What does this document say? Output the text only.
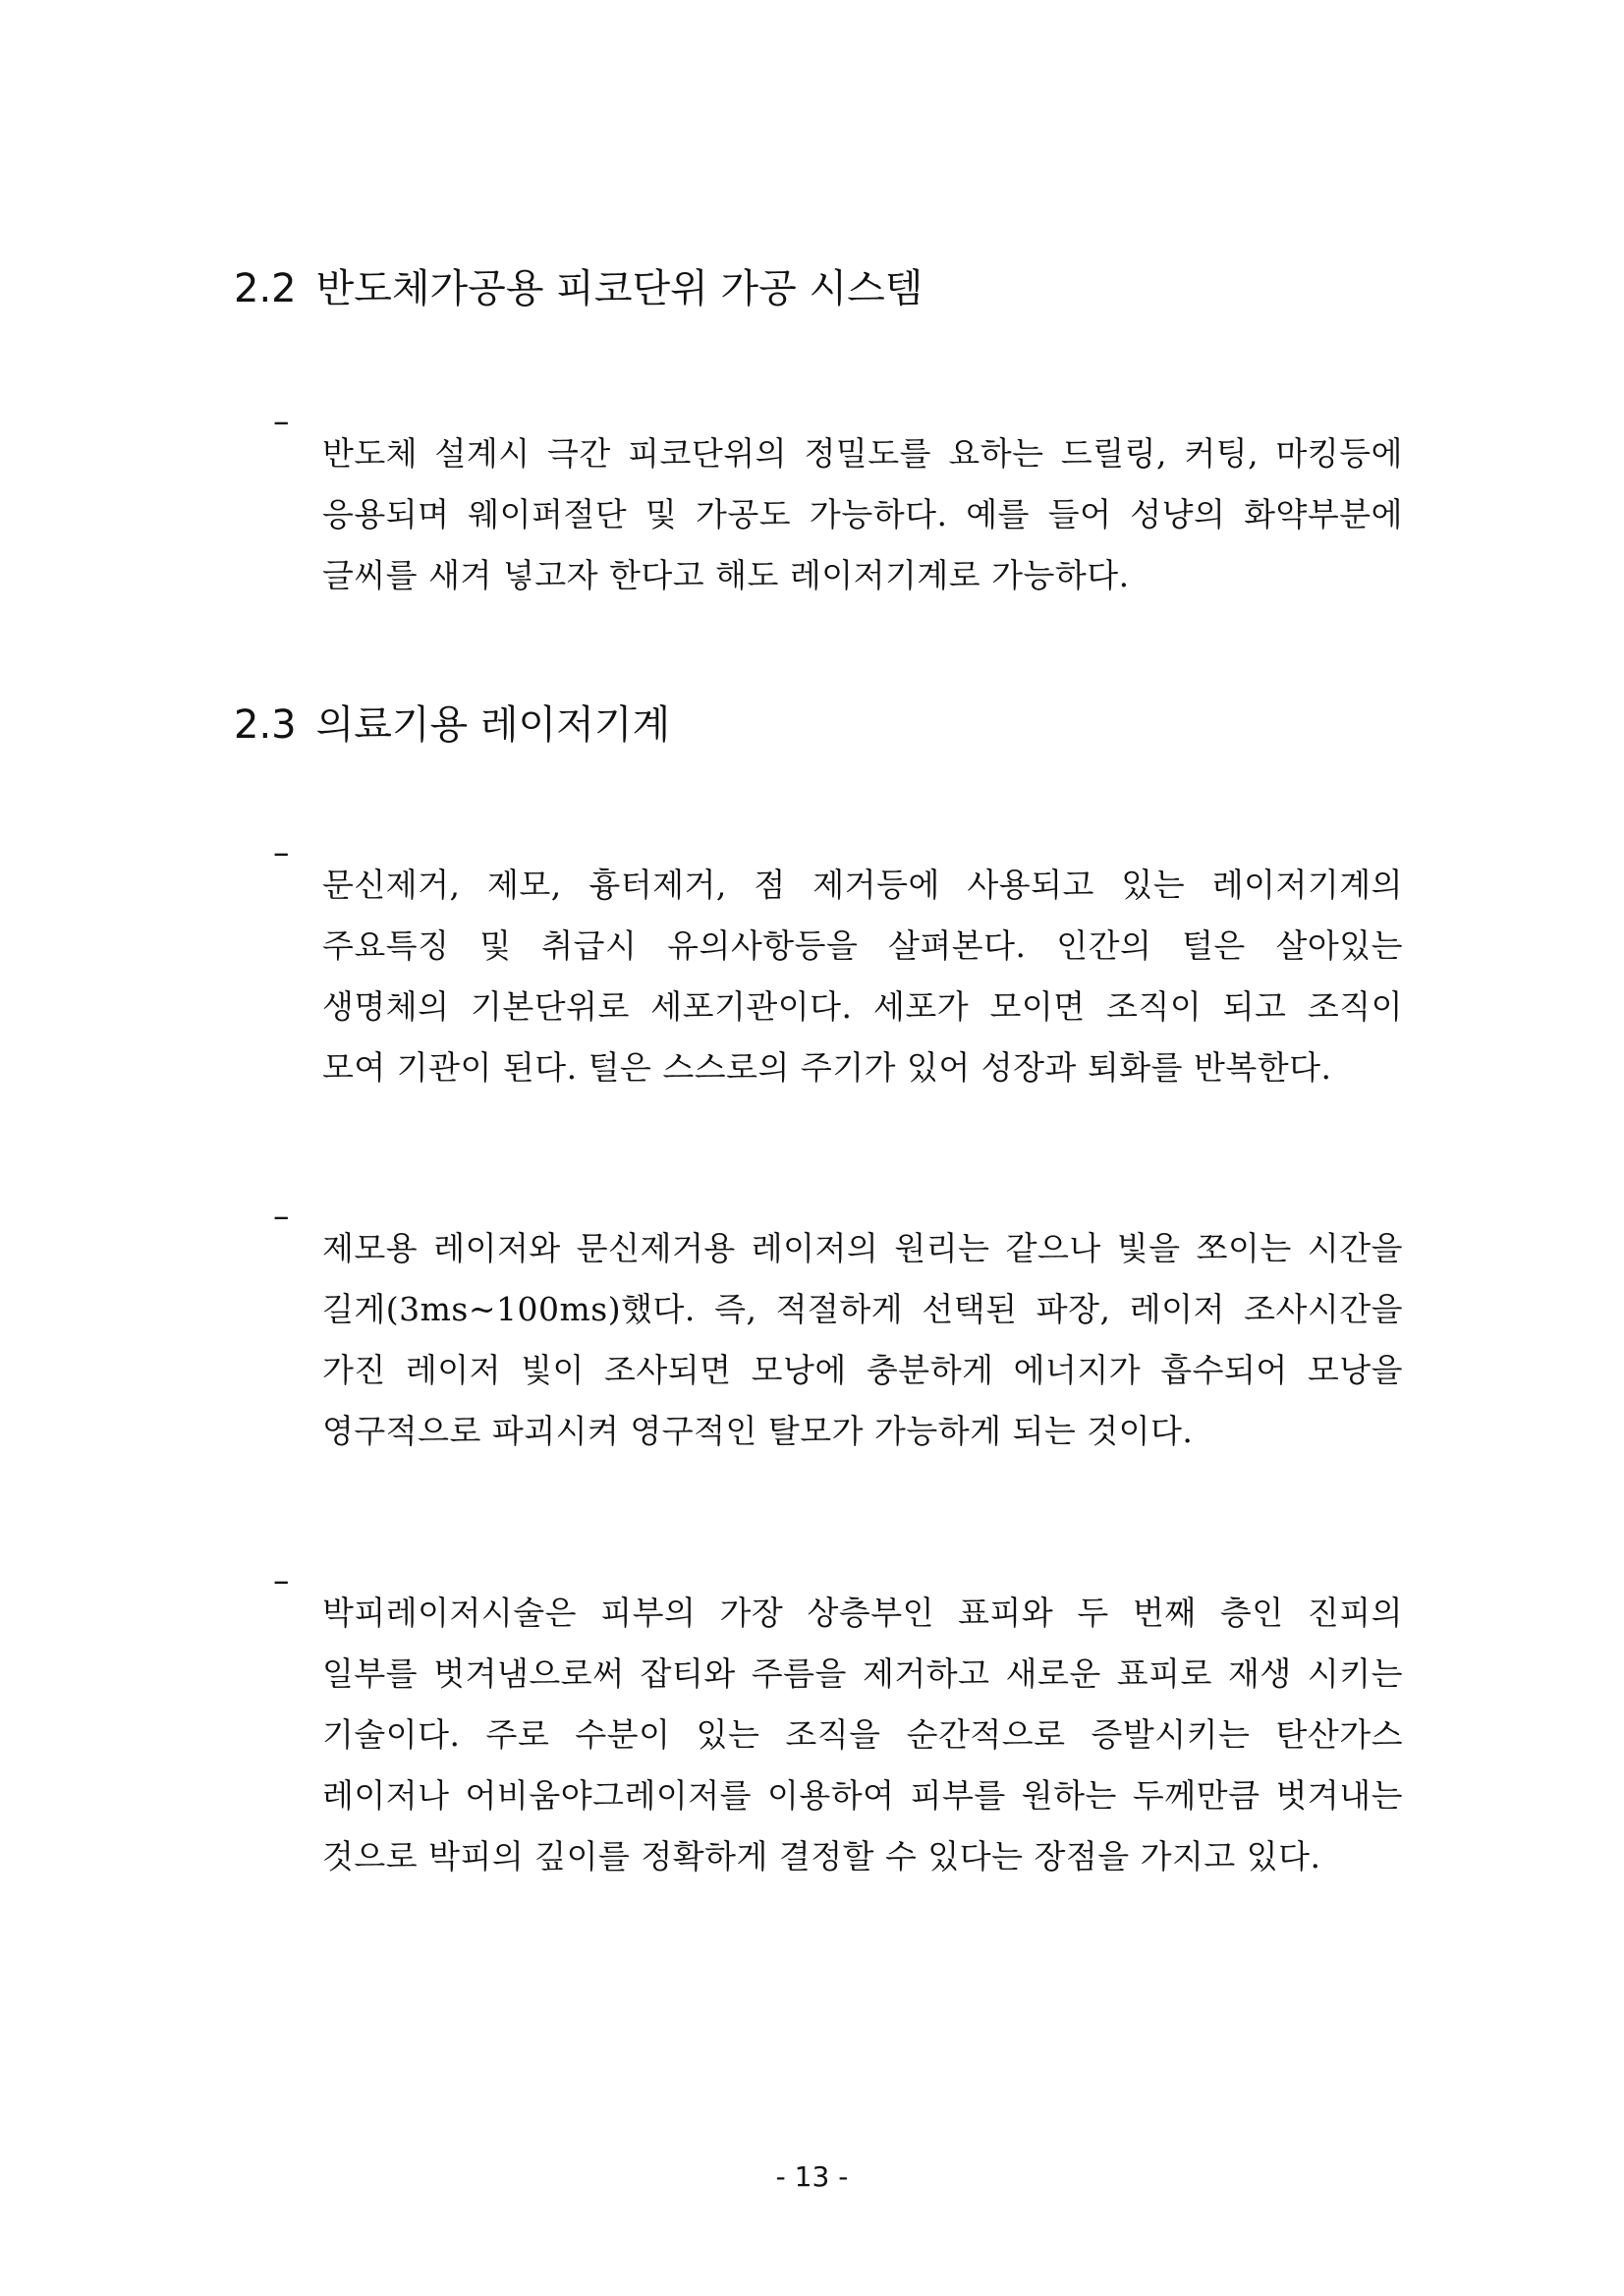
2.2 반도체가공용 피코단위 가공 시스템
–

반도체 설계시 극간 피코단위의 정밀도를 요하는 드릴링, 커팅, 마킹등에 응용되며 웨이퍼절단 및 가공도 가능하다. 예를 들어 성냥의 화약부분에 글씨를 새겨 넣고자 한다고 해도 레이저기계로 가능하다.

2.3 의료기용 레이저기계
–

문신제거, 제모, 흉터제거, 점 제거등에 사용되고 있는 레이저기계의 주요특징 및 취급시 유의사항등을 살펴본다. 인간의 털은 살아있는 생명체의 기본단위로 세포기관이다. 세포가 모이면 조직이 되고 조직이 모여 기관이 된다. 털은 스스로의 주기가 있어 성장과 퇴화를 반복한다.

–

제모용 레이저와 문신제거용 레이저의 원리는 같으나 빛을 쪼이는 시간을 길게(3ms~100ms)했다. 즉, 적절하게 선택된 파장, 레이저 조사시간을 가진 레이저 빛이 조사되면 모낭에 충분하게 에너지가 흡수되어 모낭을 영구적으로 파괴시켜 영구적인 탈모가 가능하게 되는 것이다.

–

박피레이저시술은 피부의 가장 상층부인 표피와 두 번째 층인 진피의 일부를 벗겨냄으로써 잡티와 주름을 제거하고 새로운 표피로 재생 시키는 기술이다. 주로 수분이 있는 조직을 순간적으로 증발시키는 탄산가스 레이저나 어비움야그레이저를 이용하여 피부를 원하는 두께만큼 벗겨내는 것으로 박피의 깊이를 정확하게 결정할 수 있다는 장점을 가지고 있다.

- 13 -
